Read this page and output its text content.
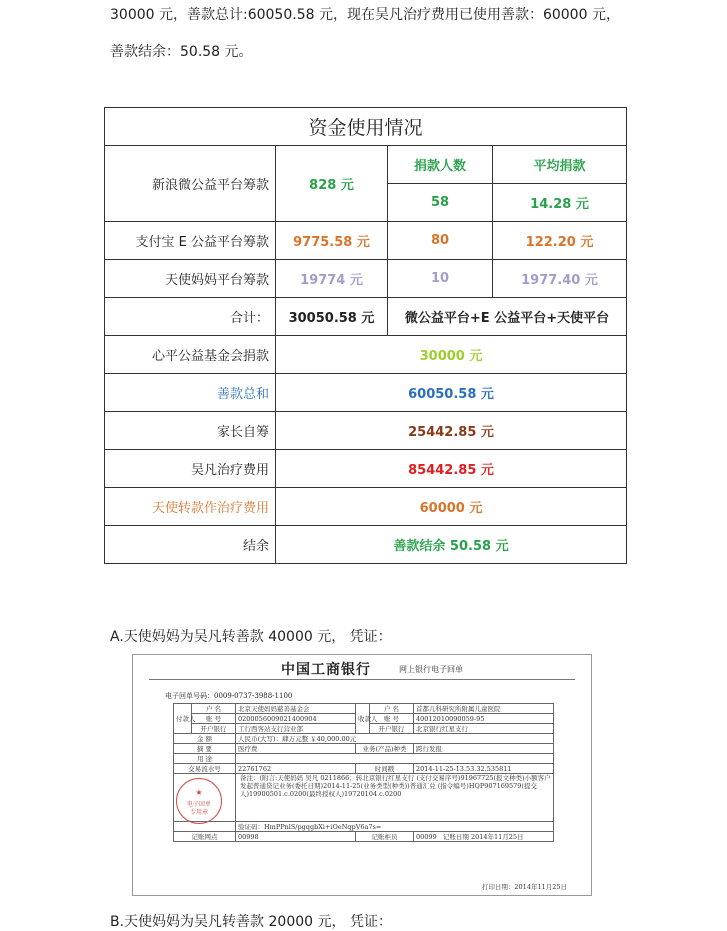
30000 元，善款总计:60050.58 元，现在吴凡治疗费用已使用善款：60000 元，
善款结余：50.58 元。
资金使用情况			
新浪微公益平台筹款	828 元	捐款人数	平均捐款
		58	14.28 元
支付宝 E 公益平台筹款	9775.58 元	80	122.20 元
天使妈妈平台筹款	19774 元	10	1977.40 元
合计：	30050.58 元	微公益平台+E 公益平台+天使平台	
心平公益基金会捐款	30000 元		
善款总和	60050.58 元		
家长自筹	25442.85 元		
吴凡治疗费用	85442.85 元		
天使转款作治疗费用	60000 元		
结余	善款结余 50.58 元		
A.天使妈妈为吴凡转善款 40000 元， 凭证：
中国工商银行	网上银行电子回单
电子回单号码：0009-0737-3988-1100
付款人	户 名	北京天使妈妈慈善基金会	收款人	户 名	首都儿科研究所附属儿童医院
	账 号	0200056009021400904		账 号	40012010090059-95
	开户银行	工行西客站支行营业部		开户银行	北京银行红星支行
金 额		人民币(大写)：肆万元整 ￥40,000.00元			
摘 要		医疗费	业务(产品)种类		跨行发报
用 途					
交易流水号		22761762	时间戳		2014-11-25-13.53.32.535811

★
电子回单
专用章		备注：(附言:天使妈妈 吴凡 0211866；转北京银行红星支行 (支付交易序号)91967725(报文种类)小额客户发起普通贷记业务(委托日期)2014-11-25(业务类型(种类))普通汇兑 (指令编号)HQP907169579(提交人)19900501.c.0200(最终授权人)19720104.c.0200			

		验证码：HmPPnlS/pgqgbXi+iOeNqpV6a7s=			
记账网点		00998	记账柜员		00099 记账日期 2014年11月25日
打印日期：2014年11月25日
B.天使妈妈为吴凡转善款 20000 元， 凭证：
